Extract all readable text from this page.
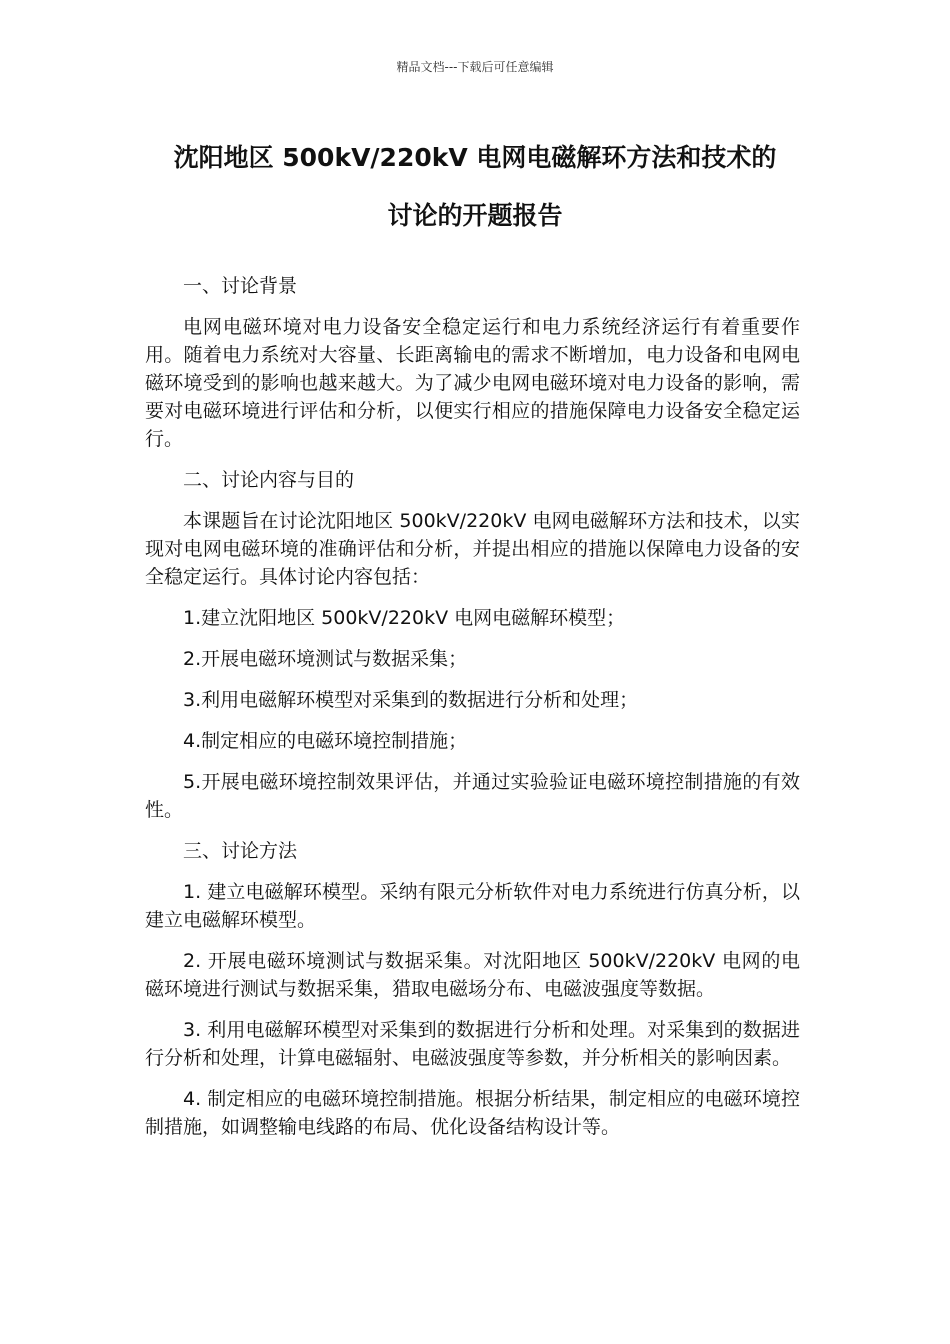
精品文档---下载后可任意编辑
沈阳地区 500kV/220kV 电网电磁解环方法和技术的
讨论的开题报告

一、讨论背景

电网电磁环境对电力设备安全稳定运行和电力系统经济运行有着重要作用。随着电力系统对大容量、长距离输电的需求不断增加，电力设备和电网电磁环境受到的影响也越来越大。为了减少电网电磁环境对电力设备的影响，需要对电磁环境进行评估和分析，以便实行相应的措施保障电力设备安全稳定运行。

二、讨论内容与目的

本课题旨在讨论沈阳地区 500kV/220kV 电网电磁解环方法和技术，以实现对电网电磁环境的准确评估和分析，并提出相应的措施以保障电力设备的安全稳定运行。具体讨论内容包括：

1.建立沈阳地区 500kV/220kV 电网电磁解环模型；

2.开展电磁环境测试与数据采集；

3.利用电磁解环模型对采集到的数据进行分析和处理；

4.制定相应的电磁环境控制措施；

5.开展电磁环境控制效果评估，并通过实验验证电磁环境控制措施的有效性。

三、讨论方法

1. 建立电磁解环模型。采纳有限元分析软件对电力系统进行仿真分析，以建立电磁解环模型。

2. 开展电磁环境测试与数据采集。对沈阳地区 500kV/220kV 电网的电磁环境进行测试与数据采集，猎取电磁场分布、电磁波强度等数据。

3. 利用电磁解环模型对采集到的数据进行分析和处理。对采集到的数据进行分析和处理，计算电磁辐射、电磁波强度等参数，并分析相关的影响因素。

4. 制定相应的电磁环境控制措施。根据分析结果，制定相应的电磁环境控制措施，如调整输电线路的布局、优化设备结构设计等。
